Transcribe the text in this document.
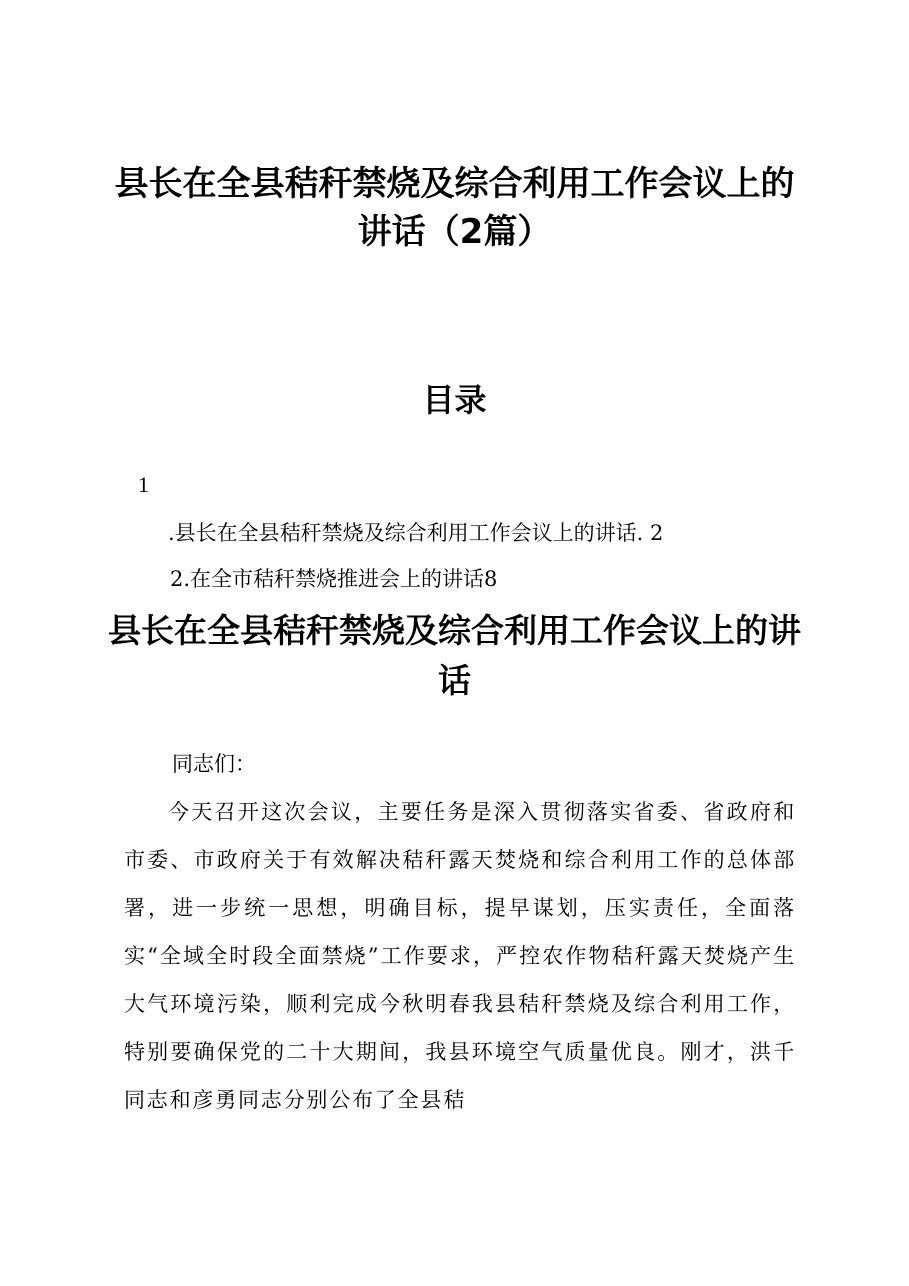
县长在全县秸秆禁烧及综合利用工作会议上的讲话（2篇）
目录
1
.县长在全县秸秆禁烧及综合利用工作会议上的讲话. 2
2.在全市秸秆禁烧推进会上的讲话8
县长在全县秸秆禁烧及综合利用工作会议上的讲话

同志们：

今天召开这次会议，主要任务是深入贯彻落实省委、省政府和市委、市政府关于有效解决秸秆露天焚烧和综合利用工作的总体部署，进一步统一思想，明确目标，提早谋划，压实责任，全面落实“全域全时段全面禁烧”工作要求，严控农作物秸秆露天焚烧产生大气环境污染，顺利完成今秋明春我县秸秆禁烧及综合利用工作，特别要确保党的二十大期间，我县环境空气质量优良。刚才，洪千同志和彦勇同志分别公布了全县秸
